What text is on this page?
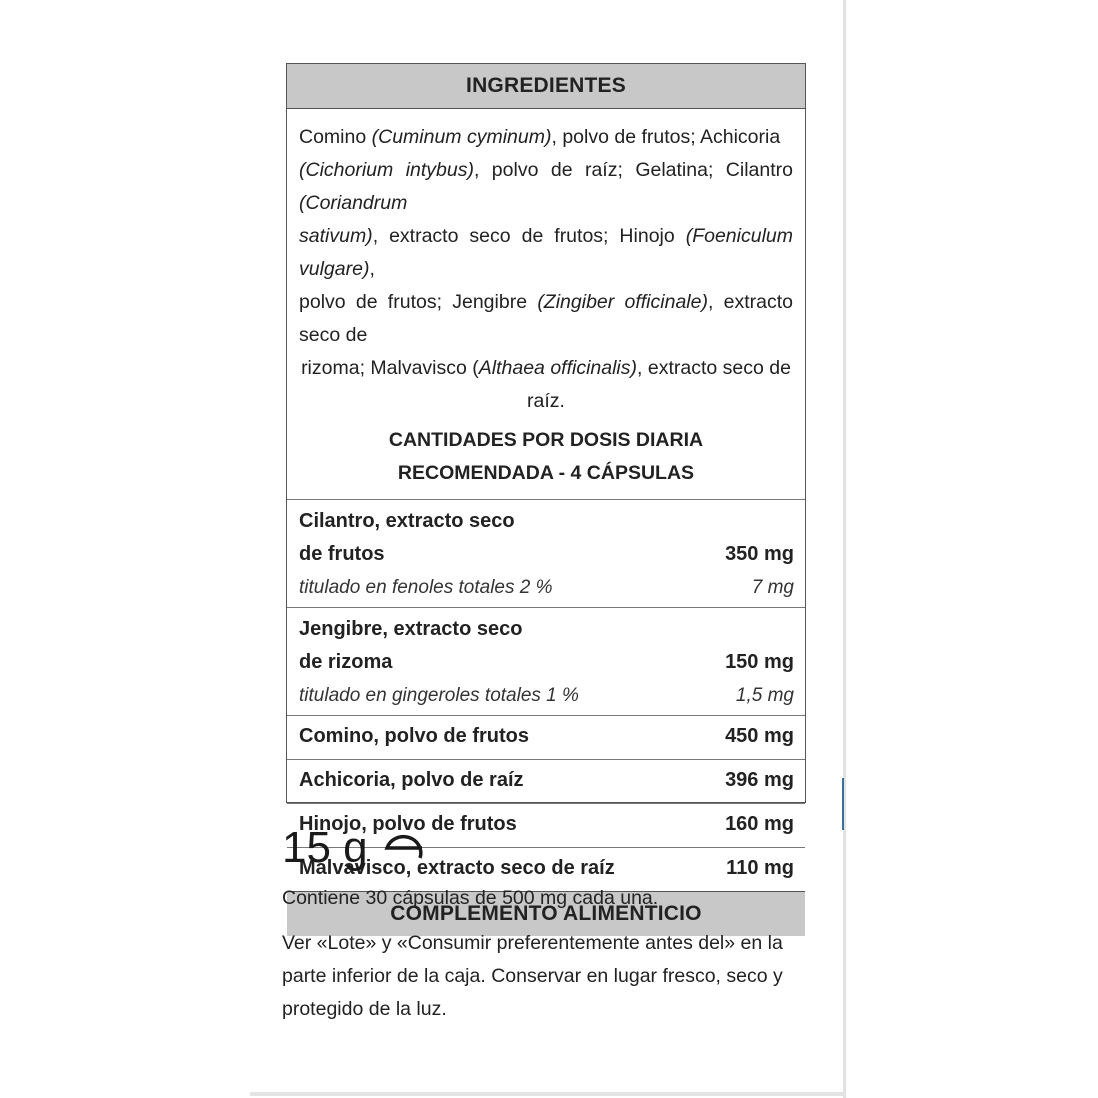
INGREDIENTES
Comino (Cuminum cyminum), polvo de frutos; Achicoria
(Cichorium intybus), polvo de raíz; Gelatina; Cilantro (Coriandrum
sativum), extracto seco de frutos; Hinojo (Foeniculum vulgare),
polvo de frutos; Jengibre (Zingiber officinale), extracto seco de
rizoma; Malvavisco (Althaea officinalis), extracto seco de raíz.
CANTIDADES POR DOSIS DIARIA
RECOMENDADA - 4 CÁPSULAS
Cilantro, extracto seco
de frutos	350 mg
titulado en fenoles totales 2 %	7 mg
Jengibre, extracto seco
de rizoma	150 mg
titulado en gingeroles totales 1 %	1,5 mg
Comino, polvo de frutos	450 mg
Achicoria, polvo de raíz	396 mg
Hinojo, polvo de frutos	160 mg
Malvavisco, extracto seco de raíz	110 mg
COMPLEMENTO ALIMENTICIO
15 g

Contiene 30 cápsulas de 500 mg cada una.

Ver «Lote» y «Consumir preferentemente antes del» en la parte inferior de la caja. Conservar en lugar fresco, seco y protegido de la luz.
